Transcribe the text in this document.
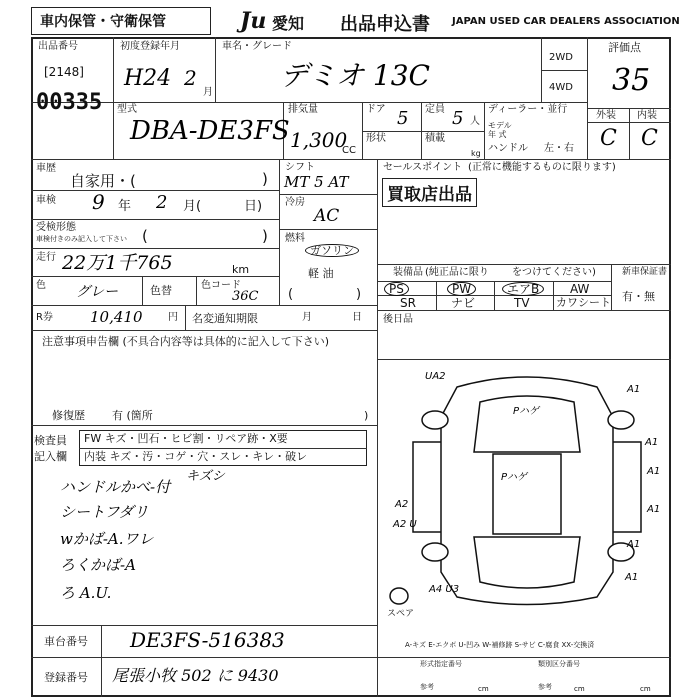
車内保管・守衛保管	Ju 愛知 出品申込書 JAPAN USED CAR DEALERS ASSOCIATION
出品番号
[2148]
00335
初度登録年月
H24 2
月
車名・グレード
デミオ 13C
2WD
4WD
評価点
35
型式
DBA-DE3FS
排気量
1,300
CC
ドア 5 定員 5 人
形状	積載
kg
ディーラー・並行
モデル
年 式
ハンドル 左・右
外装 内装
C C
車歴
自家用・(	)
車検 9 年 2 月(	日)
受検形態
車検付きのみ記入して下さい (	)
走行 22万1千765	km
色 グレー	色替	色コード
36C
シフト
MT 5 AT
冷房
AC
燃料
ガソリン
軽 油
(	)
セールスポイント (正常に機能するものに限ります)
買取店出品
装備品 (純正品に限り をつけてください)
PS	PW	エアB	AW
SR	ナビ	TV カワシート
新車保証書
有・無
R券 10,410	円 名変通知期限	月	日 後日品
注意事項申告欄 (不具合内容等は具体的に記入して下さい)
修復歴 有 (箇所	)
検査員
記入欄
FW キズ・凹石・ヒビ割・リペア跡・X要
内装 キズ・汚・コゲ・穴・スレ・キレ・破レ
ハンドルかべ-付
キズシ
シートフダリ
wかば-A.ワレ
ろくかば-A
ろ A.U.
UA2
A1
A1
A1
A1
A2
A2 U
Pハゲ
Pハゲ
A1
A4 U3
A1
スペア
A-キズ E-エクボ U-凹み W-補修跡 S-サビ C-腐食 XX-交換済
車台番号 DE3FS-516383
登録番号 尾張小牧 502 に 9430
形式指定番号	類別区分番号
参考	参考
cm	cm	cm
